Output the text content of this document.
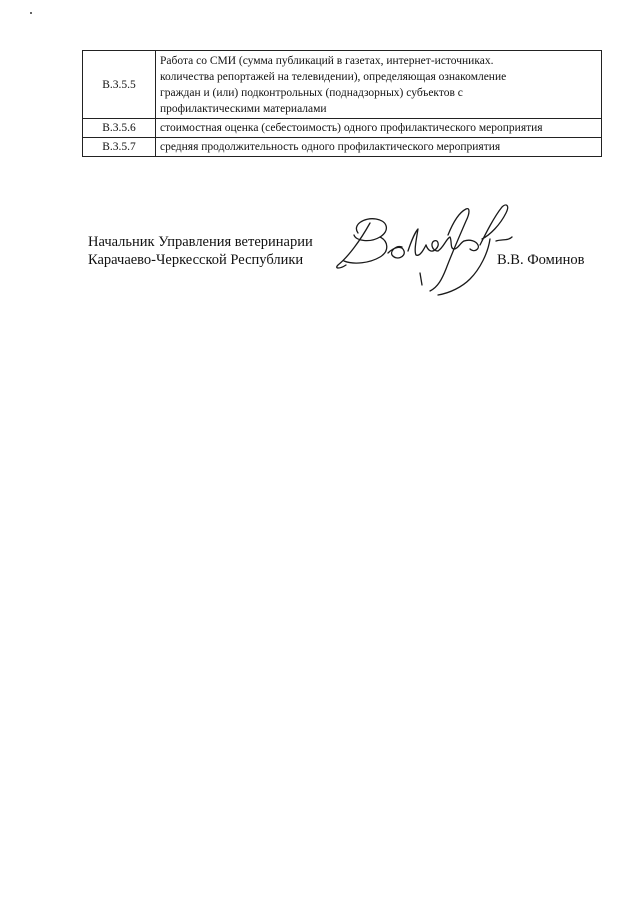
В.3.5.5	Работа со СМИ (сумма публикаций в газетах, интернет-источниках.
количества репортажей на телевидении), определяющая ознакомление
граждан и (или) подконтрольных (поднадзорных) субъектов с
профилактическими материалами

В.3.5.6	стоимостная оценка (себестоимость) одного профилактического мероприятия

В.3.5.7	средняя продолжительность одного профилактического мероприятия
Начальник Управления ветеринарии
Карачаево-Черкесской Республики	В.В. Фоминов
